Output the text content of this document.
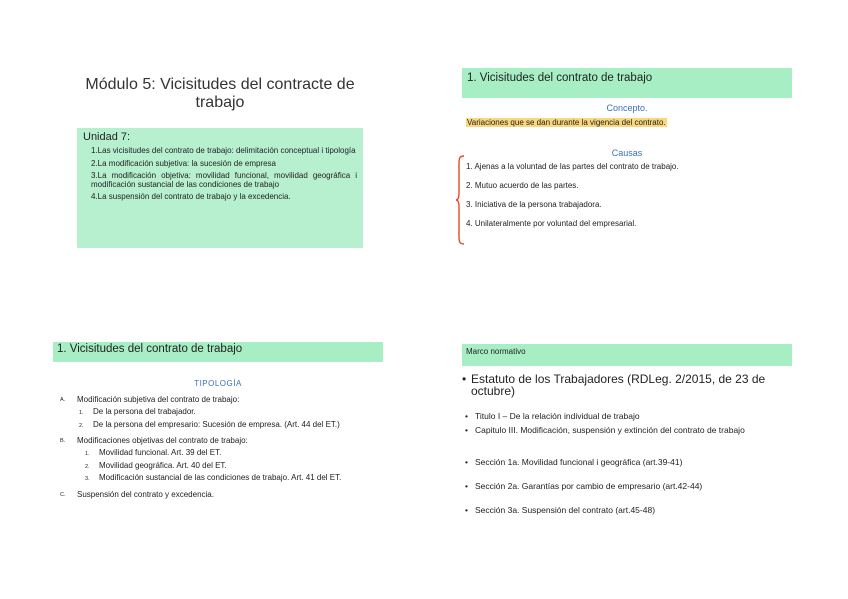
Módulo 5: Vicisitudes del contracte de trabajo
Unidad 7:
1.Las vicisitudes del contrato de trabajo: delimitación conceptual i tipología
2.La modificación subjetiva: la sucesión de empresa
3.La modificación objetiva: movilidad funcional, movilidad geográfica i modificación sustancial de las condiciones de trabajo
4.La suspensión del contrato de trabajo y la excedencia.
1. Vicisitudes del contrato de trabajo
Concepto.
Variaciones que se dan durante la vigencia del contrato.
Causas
1. Ajenas a la voluntad de las partes del contrato de trabajo.
2. Mutuo acuerdo de las partes.
3. Iniciativa de la persona trabajadora.
4. Unilateralmente por voluntad del empresarial.
1. Vicisitudes del contrato de trabajo
TIPOLOGÍA
A.	Modificación subjetiva del contrato de trabajo:
1.	De la persona del trabajador.
2.	De la persona del empresario: Sucesión de empresa. (Art. 44 del ET.)
B.	Modificaciones objetivas del contrato de trabajo:
1.	Movilidad funcional. Art. 39 del ET.
2.	Movilidad geográfica. Art. 40 del ET.
3.	Modificación sustancial de las condiciones de trabajo. Art. 41 del ET.
C.	Suspensión del contrato y excedencia.
Marco normativo
• Estatuto de los Trabajadores (RDLeg. 2/2015, de 23 de octubre)
• Titulo I – De la relación individual de trabajo
• Capitulo III. Modificación, suspensión y extinción del contrato de trabajo
• Sección 1a. Movilidad funcional i geográfica (art.39-41)
• Sección 2a. Garantías por cambio de empresario (art.42-44)
• Sección 3a. Suspensión del contrato (art.45-48)
